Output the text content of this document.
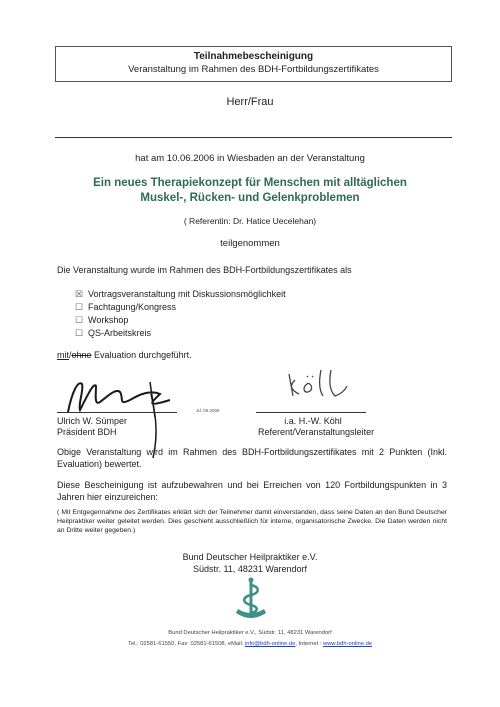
Teilnahmebescheinigung
Veranstaltung im Rahmen des BDH-Fortbildungszertifikates
Herr/Frau
hat am 10.06.2006 in Wiesbaden an der Veranstaltung
Ein neues Therapiekonzept für Menschen mit alltäglichen
Muskel-, Rücken- und Gelenkproblemen
( Referentin: Dr. Hatice Uecelehan)
teilgenommen
Die Veranstaltung wurde im Rahmen des BDH-Fortbildungszertifikates als
☒ Vortragsveranstaltung mit Diskussionsmöglichkeit
☐ Fachtagung/Kongress
☐ Workshop
☐ QS-Arbeitskreis
mit/ohne Evaluation durchgeführt.
Jd. 06.2006
Ulrich W. Sümper
Präsident BDH
i.a. H.-W. Köhl
Referent/Veranstaltungsleiter
Obige Veranstaltung wird im Rahmen des BDH-Fortbildungszertifikates mit 2 Punkten (Inkl. Evaluation) bewertet.
Diese Bescheinigung ist aufzubewahren und bei Erreichen von 120 Fortbildungspunkten in 3 Jahren hier einzureichen:
( Mit Entgegennahme des Zertifikates erklärt sich der Teilnehmer damit einverstanden, dass seine Daten an den Bund Deutscher Heilpraktiker weiter geleitet werden. Dies geschieht ausschließlich für interne, organisatorische Zwecke. Die Daten werden nicht an Dritte weiter gegeben.)
Bund Deutscher Heilpraktiker e.V.
Südstr. 11, 48231 Warendorf
Bund Deutscher Heilpraktiker e.V., Südstr. 11, 48231 Warendorf
Tel.: 02581-61550, Fax: 02581-61508, eMail: info@bdh-online.de, Internet : www.bdh-online.de
